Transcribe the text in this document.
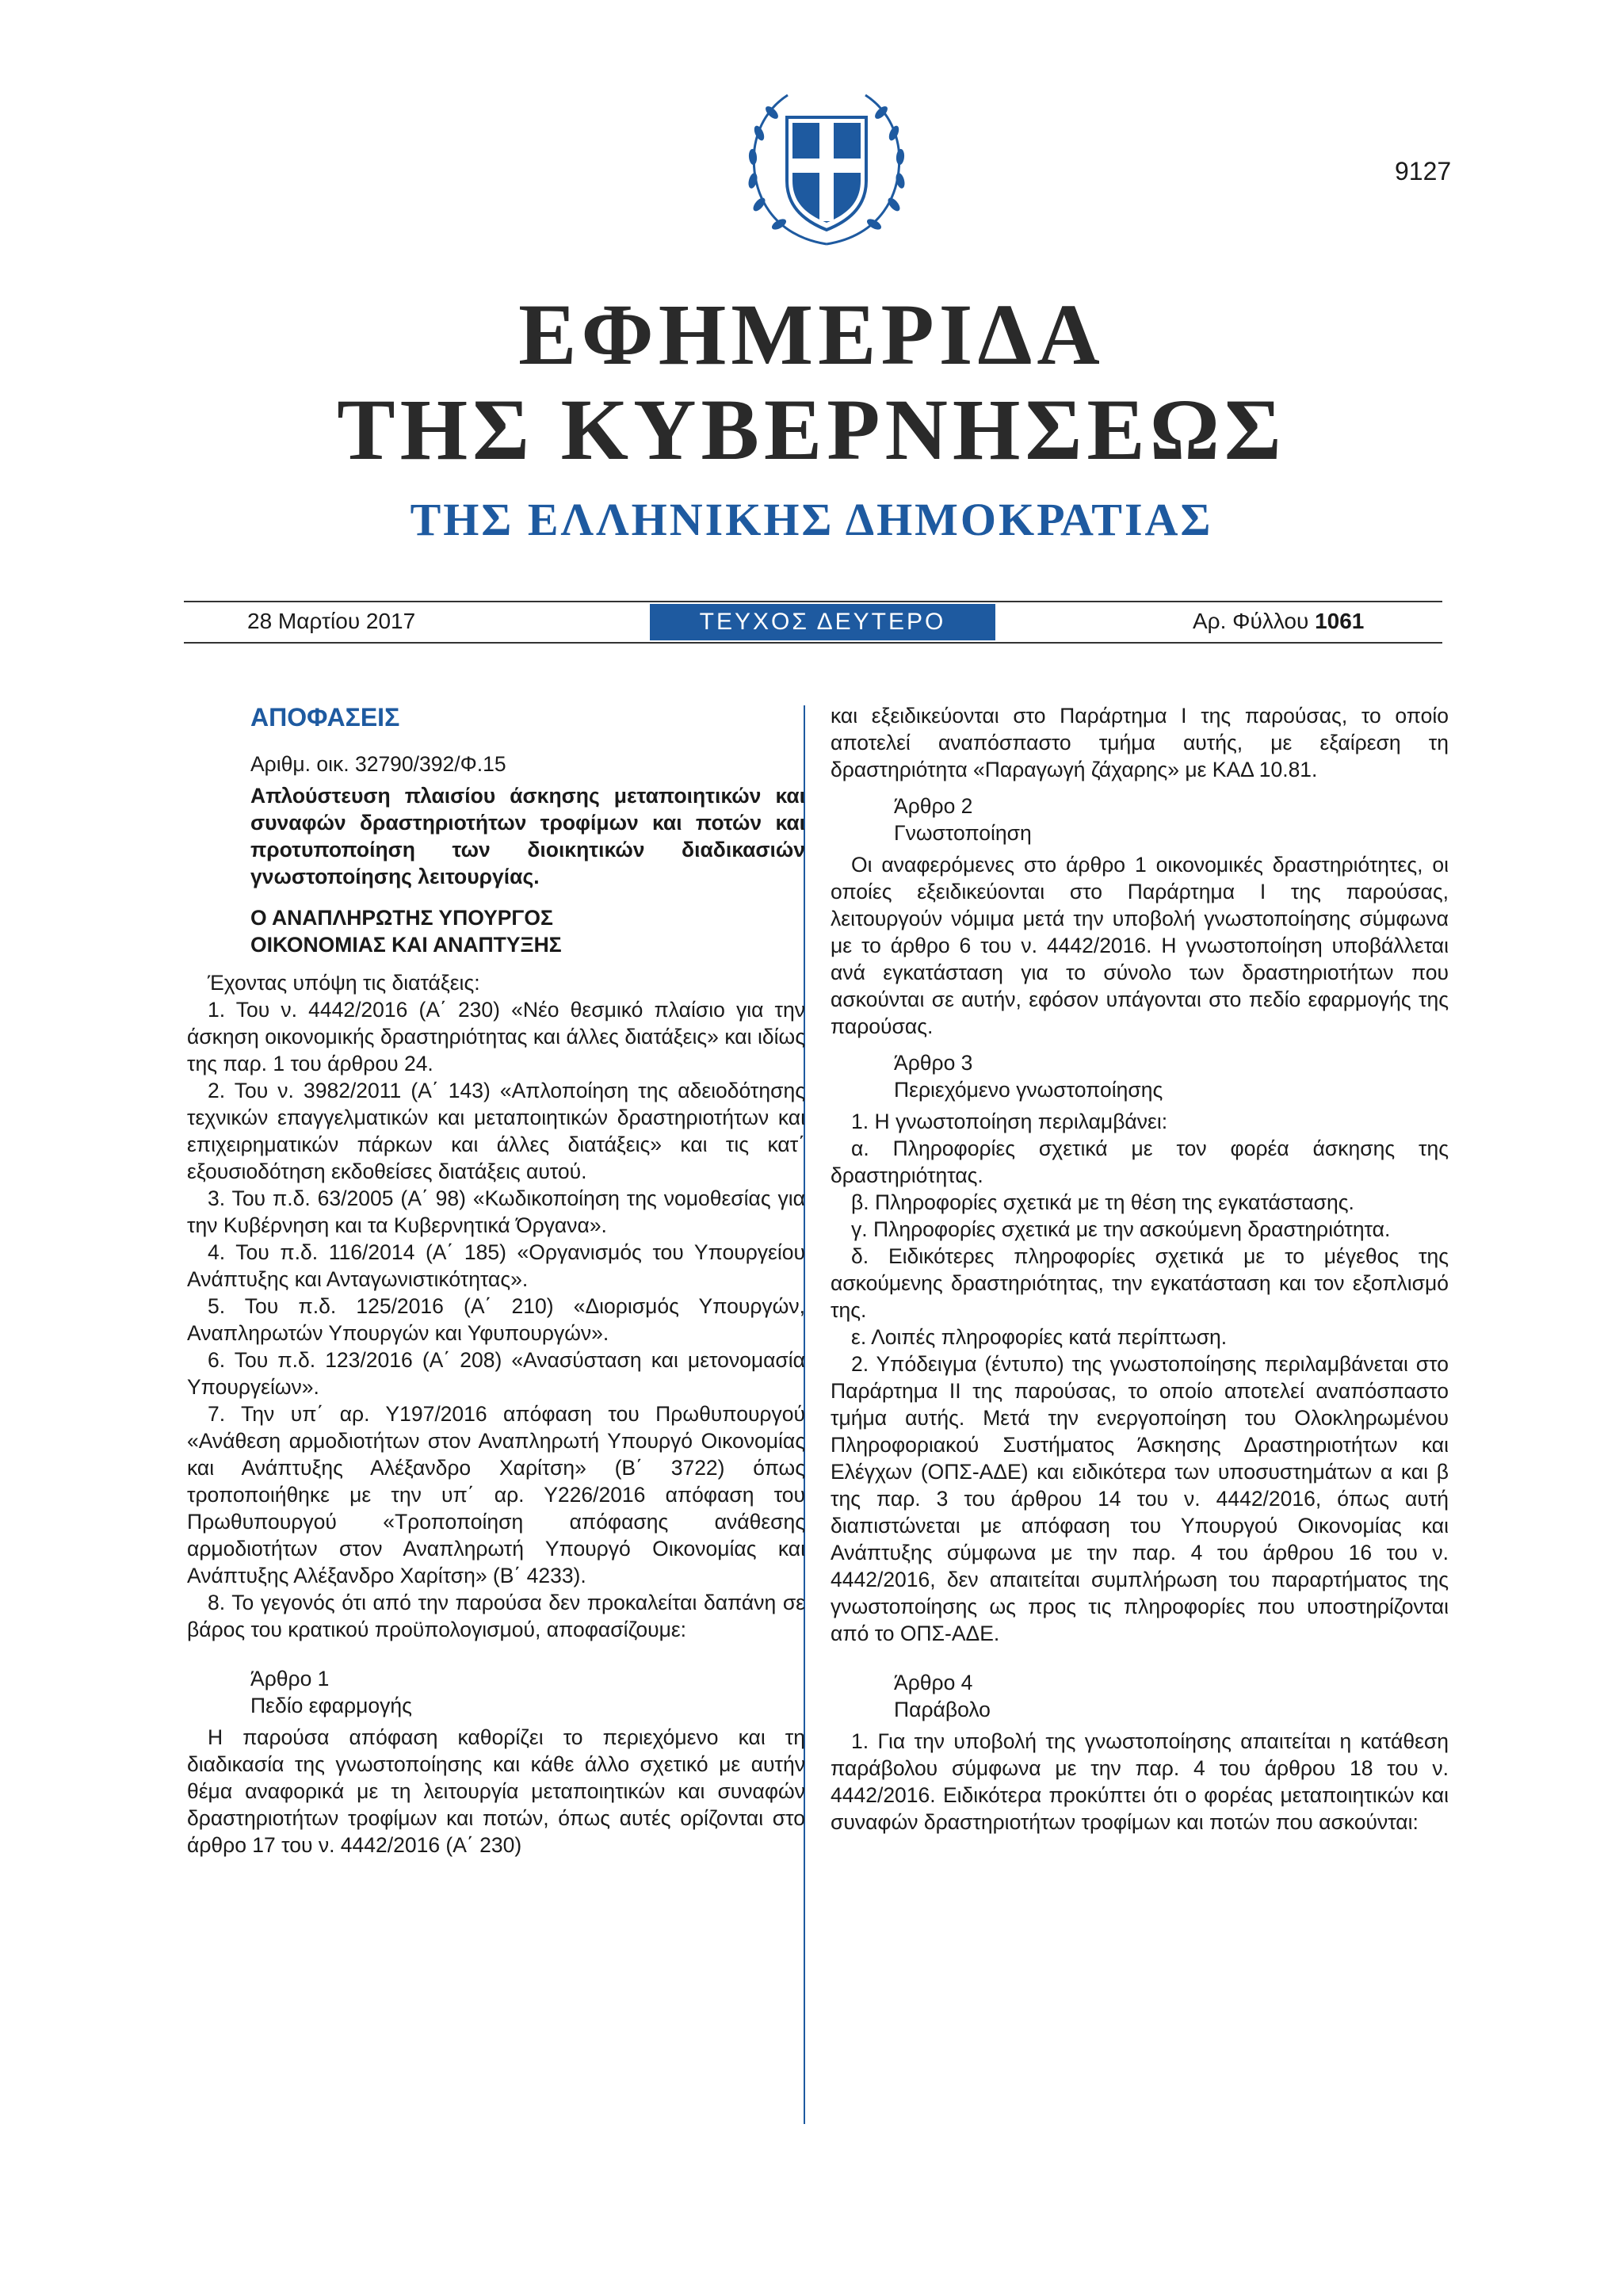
9127
ΕΦΗΜΕΡΙΔΑ
ΤΗΣ ΚΥΒΕΡΝΗΣΕΩΣ
ΤΗΣ ΕΛΛΗΝΙΚΗΣ ΔΗΜΟΚΡΑΤΙΑΣ
28 Μαρτίου 2017	ΤΕΥΧΟΣ ΔΕΥΤΕΡΟ	Αρ. Φύλλου 1061
ΑΠΟΦΑΣΕΙΣ

Αριθμ. οικ. 32790/392/Φ.15

Απλούστευση πλαισίου άσκησης μεταποιητικών και συναφών δραστηριοτήτων τροφίμων και ποτών και προτυποποίηση των διοικητικών διαδικασιών γνωστοποίησης λειτουργίας.

Ο ΑΝΑΠΛΗΡΩΤΗΣ ΥΠΟΥΡΓΟΣ

ΟΙΚΟΝΟΜΙΑΣ ΚΑΙ ΑΝΑΠΤΥΞΗΣ

Έχοντας υπόψη τις διατάξεις:

1. Του ν. 4442/2016 (Α΄ 230) «Νέο θεσμικό πλαίσιο για την άσκηση οικονομικής δραστηριότητας και άλλες διατάξεις» και ιδίως της παρ. 1 του άρθρου 24.

2. Του ν. 3982/2011 (Α΄ 143) «Απλοποίηση της αδειοδότησης τεχνικών επαγγελματικών και μεταποιητικών δραστηριοτήτων και επιχειρηματικών πάρκων και άλλες διατάξεις» και τις κατ΄ εξουσιοδότηση εκδοθείσες διατάξεις αυτού.

3. Του π.δ. 63/2005 (Α΄ 98) «Κωδικοποίηση της νομοθεσίας για την Κυβέρνηση και τα Κυβερνητικά Όργανα».

4. Του π.δ. 116/2014 (Α΄ 185) «Οργανισμός του Υπουργείου Ανάπτυξης και Ανταγωνιστικότητας».

5. Του π.δ. 125/2016 (Α΄ 210) «Διορισμός Υπουργών, Αναπληρωτών Υπουργών και Υφυπουργών».

6. Του π.δ. 123/2016 (Α΄ 208) «Ανασύσταση και μετονομασία Υπουργείων».

7. Την υπ΄ αρ. Υ197/2016 απόφαση του Πρωθυπουργού «Ανάθεση αρμοδιοτήτων στον Αναπληρωτή Υπουργό Οικονομίας και Ανάπτυξης Αλέξανδρο Χαρίτση» (Β΄ 3722) όπως τροποποιήθηκε με την υπ΄ αρ. Υ226/2016 απόφαση του Πρωθυπουργού «Τροποποίηση απόφασης ανάθεσης αρμοδιοτήτων στον Αναπληρωτή Υπουργό Οικονομίας και Ανάπτυξης Αλέξανδρο Χαρίτση» (Β΄ 4233).

8. Το γεγονός ότι από την παρούσα δεν προκαλείται δαπάνη σε βάρος του κρατικού προϋπολογισμού, αποφασίζουμε:

Άρθρο 1

Πεδίο εφαρμογής

Η παρούσα απόφαση καθορίζει το περιεχόμενο και τη διαδικασία της γνωστοποίησης και κάθε άλλο σχετικό με αυτήν θέμα αναφορικά με τη λειτουργία μεταποιητικών και συναφών δραστηριοτήτων τροφίμων και ποτών, όπως αυτές ορίζονται στο άρθρο 17 του ν. 4442/2016 (Α΄ 230)

και εξειδικεύονται στο Παράρτημα Ι της παρούσας, το οποίο αποτελεί αναπόσπαστο τμήμα αυτής, με εξαίρεση τη δραστηριότητα «Παραγωγή ζάχαρης» με ΚΑΔ 10.81.

Άρθρο 2

Γνωστοποίηση

Οι αναφερόμενες στο άρθρο 1 οικονομικές δραστηριότητες, οι οποίες εξειδικεύονται στο Παράρτημα Ι της παρούσας, λειτουργούν νόμιμα μετά την υποβολή γνωστοποίησης σύμφωνα με το άρθρο 6 του ν. 4442/2016. Η γνωστοποίηση υποβάλλεται ανά εγκατάσταση για το σύνολο των δραστηριοτήτων που ασκούνται σε αυτήν, εφόσον υπάγονται στο πεδίο εφαρμογής της παρούσας.

Άρθρο 3

Περιεχόμενο γνωστοποίησης

1. Η γνωστοποίηση περιλαμβάνει:

α. Πληροφορίες σχετικά με τον φορέα άσκησης της δραστηριότητας.

β. Πληροφορίες σχετικά με τη θέση της εγκατάστασης.

γ. Πληροφορίες σχετικά με την ασκούμενη δραστηριότητα.

δ. Ειδικότερες πληροφορίες σχετικά με το μέγεθος της ασκούμενης δραστηριότητας, την εγκατάσταση και τον εξοπλισμό της.

ε. Λοιπές πληροφορίες κατά περίπτωση.

2. Υπόδειγμα (έντυπο) της γνωστοποίησης περιλαμβάνεται στο Παράρτημα ΙΙ της παρούσας, το οποίο αποτελεί αναπόσπαστο τμήμα αυτής. Μετά την ενεργοποίηση του Ολοκληρωμένου Πληροφοριακού Συστήματος Άσκησης Δραστηριοτήτων και Ελέγχων (ΟΠΣ-ΑΔΕ) και ειδικότερα των υποσυστημάτων α και β της παρ. 3 του άρθρου 14 του ν. 4442/2016, όπως αυτή διαπιστώνεται με απόφαση του Υπουργού Οικονομίας και Ανάπτυξης σύμφωνα με την παρ. 4 του άρθρου 16 του ν. 4442/2016, δεν απαιτείται συμπλήρωση του παραρτήματος της γνωστοποίησης ως προς τις πληροφορίες που υποστηρίζονται από το ΟΠΣ-ΑΔΕ.

Άρθρο 4

Παράβολο

1. Για την υποβολή της γνωστοποίησης απαιτείται η κατάθεση παράβολου σύμφωνα με την παρ. 4 του άρθρου 18 του ν. 4442/2016. Ειδικότερα προκύπτει ότι ο φορέας μεταποιητικών και συναφών δραστηριοτήτων τροφίμων και ποτών που ασκούνται:
